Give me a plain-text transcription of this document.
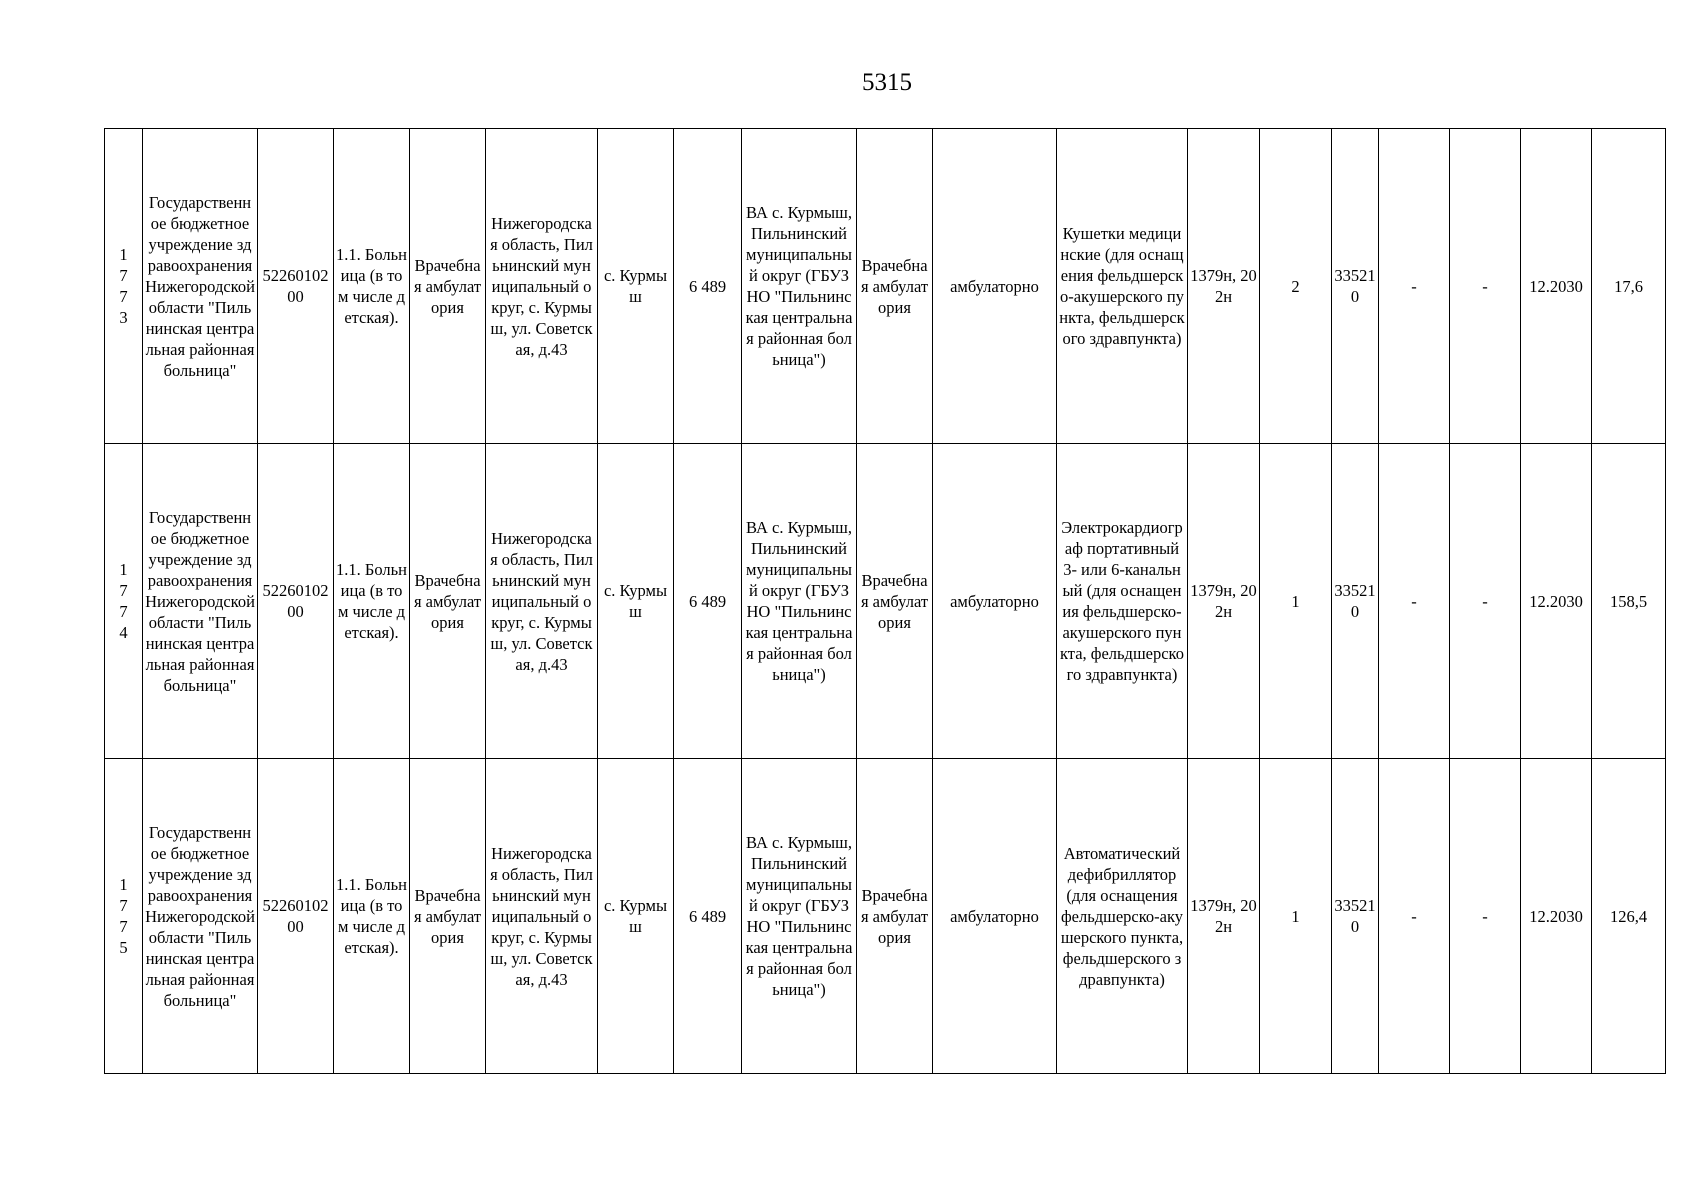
5315
1773	Государственное бюджетное учреждение здравоохранения Нижегородской области "Пильнинская центральная районная больница"	5226010200	1.1. Больница (в том числе детская).	Врачебная амбулатория	Нижегородская область, Пильнинский муниципальный округ, с. Курмыш, ул. Советская, д.43	с. Курмыш	6 489	ВА с. Курмыш, Пильнинский муниципальный округ (ГБУЗ НО "Пильнинская центральная районная больница")	Врачебная амбулатория	амбулаторно	Кушетки медицинские (для оснащения фельдшерско-акушерского пункта, фельдшерского здравпункта)	1379н, 202н	2	335210	-	-	12.2030	17,6

1774	Государственное бюджетное учреждение здравоохранения Нижегородской области "Пильнинская центральная районная больница"	5226010200	1.1. Больница (в том числе детская).	Врачебная амбулатория	Нижегородская область, Пильнинский муниципальный округ, с. Курмыш, ул. Советская, д.43	с. Курмыш	6 489	ВА с. Курмыш, Пильнинский муниципальный округ (ГБУЗ НО "Пильнинская центральная районная больница")	Врачебная амбулатория	амбулаторно	Электрокардиограф портативный 3- или 6-канальный (для оснащения фельдшерско-акушерского пункта, фельдшерского здравпункта)	1379н, 202н	1	335210	-	-	12.2030	158,5

1775	Государственное бюджетное учреждение здравоохранения Нижегородской области "Пильнинская центральная районная больница"	5226010200	1.1. Больница (в том числе детская).	Врачебная амбулатория	Нижегородская область, Пильнинский муниципальный округ, с. Курмыш, ул. Советская, д.43	с. Курмыш	6 489	ВА с. Курмыш, Пильнинский муниципальный округ (ГБУЗ НО "Пильнинская центральная районная больница")	Врачебная амбулатория	амбулаторно	Автоматический дефибриллятор (для оснащения фельдшерско-акушерского пункта, фельдшерского здравпункта)	1379н, 202н	1	335210	-	-	12.2030	126,4
